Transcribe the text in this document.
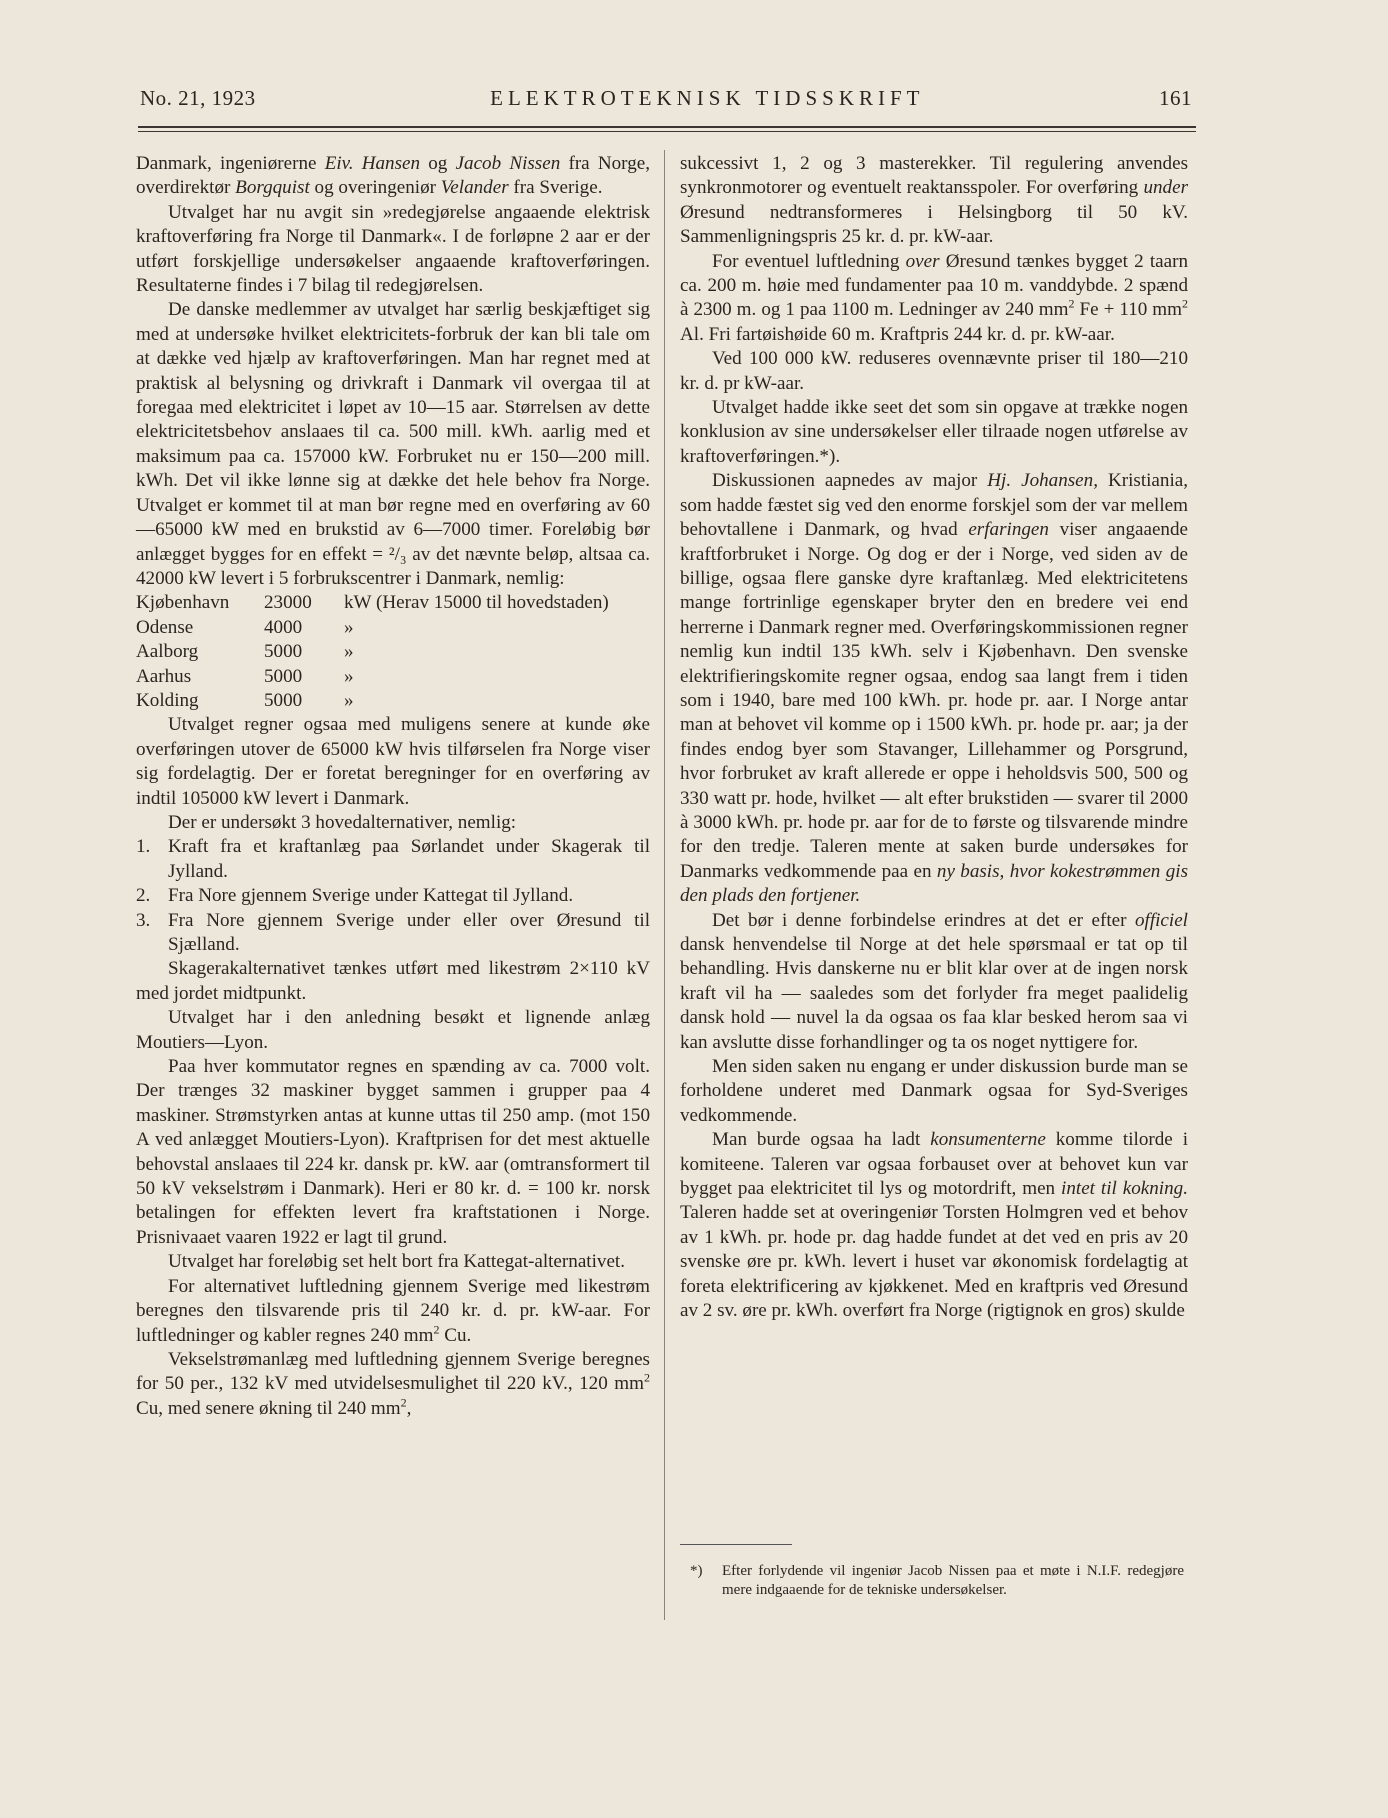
No. 21, 1923	ELEKTROTEKNISK TIDSSKRIFT	161

Danmark, ingeniørerne Eiv. Hansen og Jacob Nissen fra Norge, overdirektør Borgquist og overingeniør Velander fra Sverige.

Utvalget har nu avgit sin »redegjørelse angaaende elektrisk kraftoverføring fra Norge til Danmark«. I de forløpne 2 aar er der utført forskjellige undersøkelser angaaende kraftoverføringen. Resultaterne findes i 7 bilag til redegjørelsen.

De danske medlemmer av utvalget har særlig beskjæftiget sig med at undersøke hvilket elektricitets-forbruk der kan bli tale om at dække ved hjælp av kraftoverføringen. Man har regnet med at praktisk al belysning og drivkraft i Danmark vil overgaa til at foregaa med elektricitet i løpet av 10—15 aar. Størrelsen av dette elektricitetsbehov anslaaes til ca. 500 mill. kWh. aarlig med et maksimum paa ca. 157000 kW. Forbruket nu er 150—200 mill. kWh. Det vil ikke lønne sig at dække det hele behov fra Norge. Utvalget er kommet til at man bør regne med en overføring av 60—65000 kW med en brukstid av 6—7000 timer. Foreløbig bør anlægget bygges for en effekt = ²/₃ av det nævnte beløp, altsaa ca. 42000 kW levert i 5 forbrukscentrer i Danmark, nemlig:

Kjøbenhavn	23000	kW (Herav 15000 til hovedstaden)
Odense	4000	»
Aalborg	5000	»
Aarhus	5000	»
Kolding	5000	»

Utvalget regner ogsaa med muligens senere at kunde øke overføringen utover de 65000 kW hvis tilførselen fra Norge viser sig fordelagtig. Der er foretat beregninger for en overføring av indtil 105000 kW levert i Danmark.

Der er undersøkt 3 hovedalternativer, nemlig:

1. Kraft fra et kraftanlæg paa Sørlandet under Skagerak til Jylland.
2. Fra Nore gjennem Sverige under Kattegat til Jylland.
3. Fra Nore gjennem Sverige under eller over Øresund til Sjælland.

Skagerakalternativet tænkes utført med likestrøm 2×110 kV med jordet midtpunkt.

Utvalget har i den anledning besøkt et lignende anlæg Moutiers—Lyon.

Paa hver kommutator regnes en spænding av ca. 7000 volt. Der trænges 32 maskiner bygget sammen i grupper paa 4 maskiner. Strømstyrken antas at kunne uttas til 250 amp. (mot 150 A ved anlægget Moutiers-Lyon). Kraftprisen for det mest aktuelle behovstal anslaaes til 224 kr. dansk pr. kW. aar (omtransformert til 50 kV vekselstrøm i Danmark). Heri er 80 kr. d. = 100 kr. norsk betalingen for effekten levert fra kraftstationen i Norge. Prisnivaaet vaaren 1922 er lagt til grund.

Utvalget har foreløbig set helt bort fra Kattegat-alternativet.

For alternativet luftledning gjennem Sverige med likestrøm beregnes den tilsvarende pris til 240 kr. d. pr. kW-aar. For luftledninger og kabler regnes 240 $mm^2$ Cu.

Vekselstrømanlæg med luftledning gjennem Sverige beregnes for 50 per., 132 kV med utvidelsesmulighet til 220 kV., 120 $mm^2$ Cu, med senere økning til 240 $mm^2$,

sukcessivt 1, 2 og 3 masterekker. Til regulering anvendes synkronmotorer og eventuelt reaktansspoler. For overføring under Øresund nedtransformeres i Helsingborg til 50 kV. Sammenligningspris 25 kr. d. pr. kW-aar.

For eventuel luftledning over Øresund tænkes bygget 2 taarn ca. 200 m. høie med fundamenter paa 10 m. vanddybde. 2 spænd à 2300 m. og 1 paa 1100 m. Ledninger av 240 $mm^2$ Fe + 110 $mm^2$ Al. Fri fartøishøide 60 m. Kraftpris 244 kr. d. pr. kW-aar.

Ved 100 000 kW. reduseres ovennævnte priser til 180—210 kr. d. pr kW-aar.

Utvalget hadde ikke seet det som sin opgave at trække nogen konklusion av sine undersøkelser eller tilraade nogen utførelse av kraftoverføringen.*).

Diskussionen aapnedes av major Hj. Johansen, Kristiania, som hadde fæstet sig ved den enorme forskjel som der var mellem behovtallene i Danmark, og hvad erfaringen viser angaaende kraftforbruket i Norge. Og dog er der i Norge, ved siden av de billige, ogsaa flere ganske dyre kraftanlæg. Med elektricitetens mange fortrinlige egenskaper bryter den en bredere vei end herrerne i Danmark regner med. Overføringskommissionen regner nemlig kun indtil 135 kWh. selv i Kjøbenhavn. Den svenske elektrifieringskomite regner ogsaa, endog saa langt frem i tiden som i 1940, bare med 100 kWh. pr. hode pr. aar. I Norge antar man at behovet vil komme op i 1500 kWh. pr. hode pr. aar; ja der findes endog byer som Stavanger, Lillehammer og Porsgrund, hvor forbruket av kraft allerede er oppe i heholdsvis 500, 500 og 330 watt pr. hode, hvilket — alt efter brukstiden — svarer til 2000 à 3000 kWh. pr. hode pr. aar for de to første og tilsvarende mindre for den tredje. Taleren mente at saken burde undersøkes for Danmarks vedkommende paa en ny basis, hvor kokestrømmen gis den plads den fortjener.

Det bør i denne forbindelse erindres at det er efter officiel dansk henvendelse til Norge at det hele spørsmaal er tat op til behandling. Hvis danskerne nu er blit klar over at de ingen norsk kraft vil ha — saaledes som det forlyder fra meget paalidelig dansk hold — nuvel la da ogsaa os faa klar besked herom saa vi kan avslutte disse forhandlinger og ta os noget nyttigere for.

Men siden saken nu engang er under diskussion burde man se forholdene underet med Danmark ogsaa for Syd-Sveriges vedkommende.

Man burde ogsaa ha ladt konsumenterne komme tilorde i komiteene. Taleren var ogsaa forbauset over at behovet kun var bygget paa elektricitet til lys og motordrift, men intet til kokning. Taleren hadde set at overingeniør Torsten Holmgren ved et behov av 1 kWh. pr. hode pr. dag hadde fundet at det ved en pris av 20 svenske øre pr. kWh. levert i huset var økonomisk fordelagtig at foreta elektrificering av kjøkkenet. Med en kraftpris ved Øresund av 2 sv. øre pr. kWh. overført fra Norge (rigtignok en gros) skulde

*)	Efter forlydende vil ingeniør Jacob Nissen paa et møte i N.I.F. redegjøre mere indgaaende for de tekniske undersøkelser.
